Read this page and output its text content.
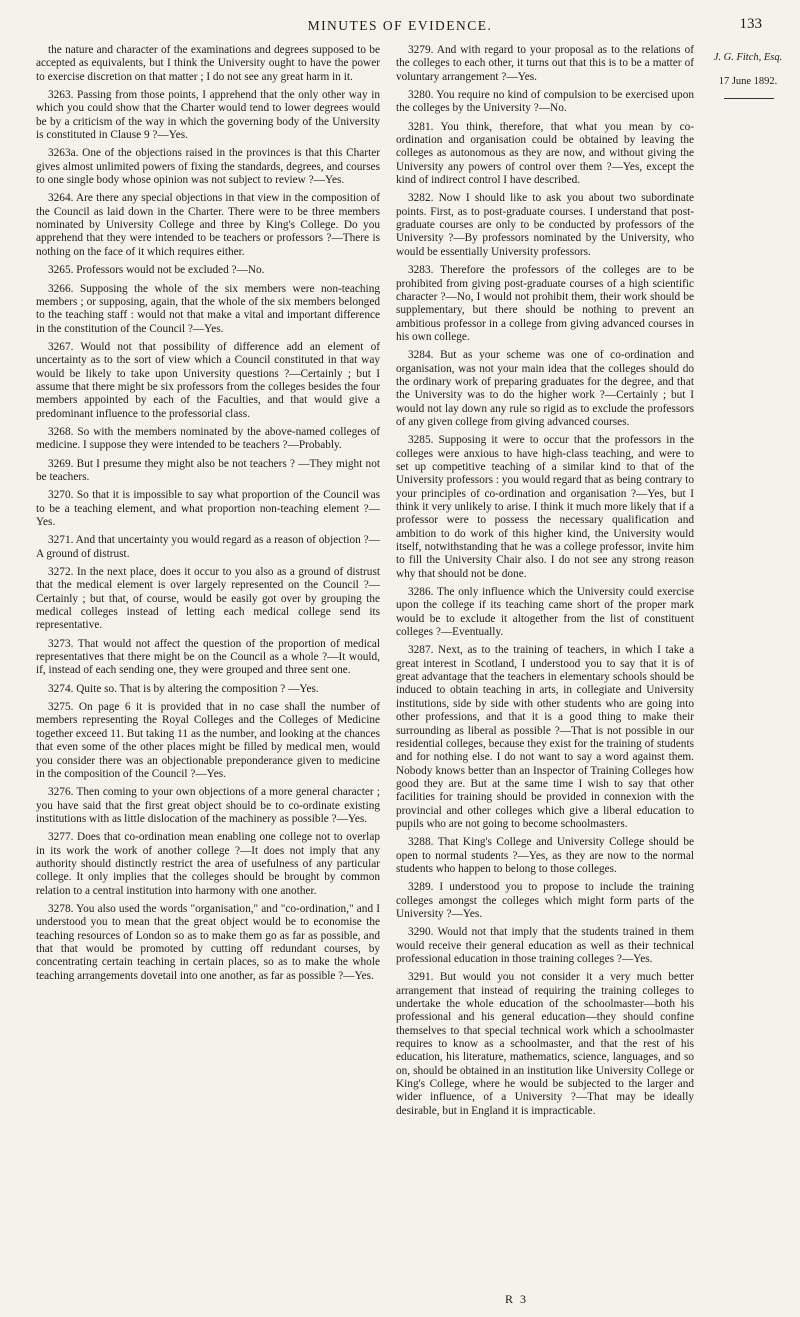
MINUTES OF EVIDENCE.	133

the nature and character of the examinations and degrees supposed to be accepted as equivalents, but I think the University ought to have the power to exercise discretion on that matter ; I do not see any great harm in it.

3263. Passing from those points, I apprehend that the only other way in which you could show that the Charter would tend to lower degrees would be by a criticism of the way in which the governing body of the University is constituted in Clause 9 ?—Yes.

3263a. One of the objections raised in the provinces is that this Charter gives almost unlimited powers of fixing the standards, degrees, and courses to one single body whose opinion was not subject to review ?—Yes.

3264. Are there any special objections in that view in the composition of the Council as laid down in the Charter. There were to be three members nominated by University College and three by King's College. Do you apprehend that they were intended to be teachers or professors ?—There is nothing on the face of it which requires either.

3265. Professors would not be excluded ?—No.

3266. Supposing the whole of the six members were non-teaching members ; or supposing, again, that the whole of the six members belonged to the teaching staff : would not that make a vital and important difference in the constitution of the Council ?—Yes.

3267. Would not that possibility of difference add an element of uncertainty as to the sort of view which a Council constituted in that way would be likely to take upon University questions ?—Certainly ; but I assume that there might be six professors from the colleges besides the four members appointed by each of the Faculties, and that would give a predominant influence to the professorial class.

3268. So with the members nominated by the above-named colleges of medicine. I suppose they were intended to be teachers ?—Probably.

3269. But I presume they might also be not teachers ? —They might not be teachers.

3270. So that it is impossible to say what proportion of the Council was to be a teaching element, and what proportion non-teaching element ?—Yes.

3271. And that uncertainty you would regard as a reason of objection ?—A ground of distrust.

3272. In the next place, does it occur to you also as a ground of distrust that the medical element is over largely represented on the Council ?—Certainly ; but that, of course, would be easily got over by grouping the medical colleges instead of letting each medical college send its representative.

3273. That would not affect the question of the proportion of medical representatives that there might be on the Council as a whole ?—It would, if, instead of each sending one, they were grouped and three sent one.

3274. Quite so. That is by altering the composition ? —Yes.

3275. On page 6 it is provided that in no case shall the number of members representing the Royal Colleges and the Colleges of Medicine together exceed 11. But taking 11 as the number, and looking at the chances that even some of the other places might be filled by medical men, would you consider there was an objectionable preponderance given to medicine in the composition of the Council ?—Yes.

3276. Then coming to your own objections of a more general character ; you have said that the first great object should be to co-ordinate existing institutions with as little dislocation of the machinery as possible ?—Yes.

3277. Does that co-ordination mean enabling one college not to overlap in its work the work of another college ?—It does not imply that any authority should distinctly restrict the area of usefulness of any particular college. It only implies that the colleges should be brought by common relation to a central institution into harmony with one another.

3278. You also used the words "organisation," and "co-ordination," and I understood you to mean that the great object would be to economise the teaching resources of London so as to make them go as far as possible, and that that would be promoted by cutting off redundant courses, by concentrating certain teaching in certain places, so as to make the whole teaching arrangements dovetail into one another, as far as possible ?—Yes.

3279. And with regard to your proposal as to the relations of the colleges to each other, it turns out that this is to be a matter of voluntary arrangement ?—Yes.

3280. You require no kind of compulsion to be exercised upon the colleges by the University ?—No.

3281. You think, therefore, that what you mean by co-ordination and organisation could be obtained by leaving the colleges as autonomous as they are now, and without giving the University any powers of control over them ?—Yes, except the kind of indirect control I have described.

3282. Now I should like to ask you about two subordinate points. First, as to post-graduate courses. I understand that post-graduate courses are only to be conducted by professors of the University ?—By professors nominated by the University, who would be essentially University professors.

3283. Therefore the professors of the colleges are to be prohibited from giving post-graduate courses of a high scientific character ?—No, I would not prohibit them, their work should be supplementary, but there should be nothing to prevent an ambitious professor in a college from giving advanced courses in his own college.

3284. But as your scheme was one of co-ordination and organisation, was not your main idea that the colleges should do the ordinary work of preparing graduates for the degree, and that the University was to do the higher work ?—Certainly ; but I would not lay down any rule so rigid as to exclude the professors of any given college from giving advanced courses.

3285. Supposing it were to occur that the professors in the colleges were anxious to have high-class teaching, and were to set up competitive teaching of a similar kind to that of the University professors : you would regard that as being contrary to your principles of co-ordination and organisation ?—Yes, but I think it very unlikely to arise. I think it much more likely that if a professor were to possess the necessary qualification and ambition to do work of this higher kind, the University would itself, notwithstanding that he was a college professor, invite him to fill the University Chair also. I do not see any strong reason why that should not be done.

3286. The only influence which the University could exercise upon the college if its teaching came short of the proper mark would be to exclude it altogether from the list of constituent colleges ?—Eventually.

3287. Next, as to the training of teachers, in which I take a great interest in Scotland, I understood you to say that it is of great advantage that the teachers in elementary schools should be induced to obtain teaching in arts, in collegiate and University institutions, side by side with other students who are going into other professions, and that it is a good thing to make their surrounding as liberal as possible ?—That is not possible in our residential colleges, because they exist for the training of students and for nothing else. I do not want to say a word against them. Nobody knows better than an Inspector of Training Colleges how good they are. But at the same time I wish to say that other facilities for training should be provided in connexion with the provincial and other colleges which give a liberal education to pupils who are not going to become schoolmasters.

3288. That King's College and University College should be open to normal students ?—Yes, as they are now to the normal students who happen to belong to those colleges.

3289. I understood you to propose to include the training colleges amongst the colleges which might form parts of the University ?—Yes.

3290. Would not that imply that the students trained in them would receive their general education as well as their technical professional education in those training colleges ?—Yes.

3291. But would you not consider it a very much better arrangement that instead of requiring the training colleges to undertake the whole education of the schoolmaster—both his professional and his general education—they should confine themselves to that special technical work which a schoolmaster requires to know as a schoolmaster, and that the rest of his education, his literature, mathematics, science, languages, and so on, should be obtained in an institution like University College or King's College, where he would be subjected to the larger and wider influence, of a University ?—That may be ideally desirable, but in England it is impracticable.

J. G. Fitch, Esq.
17 June 1892.
R 3
